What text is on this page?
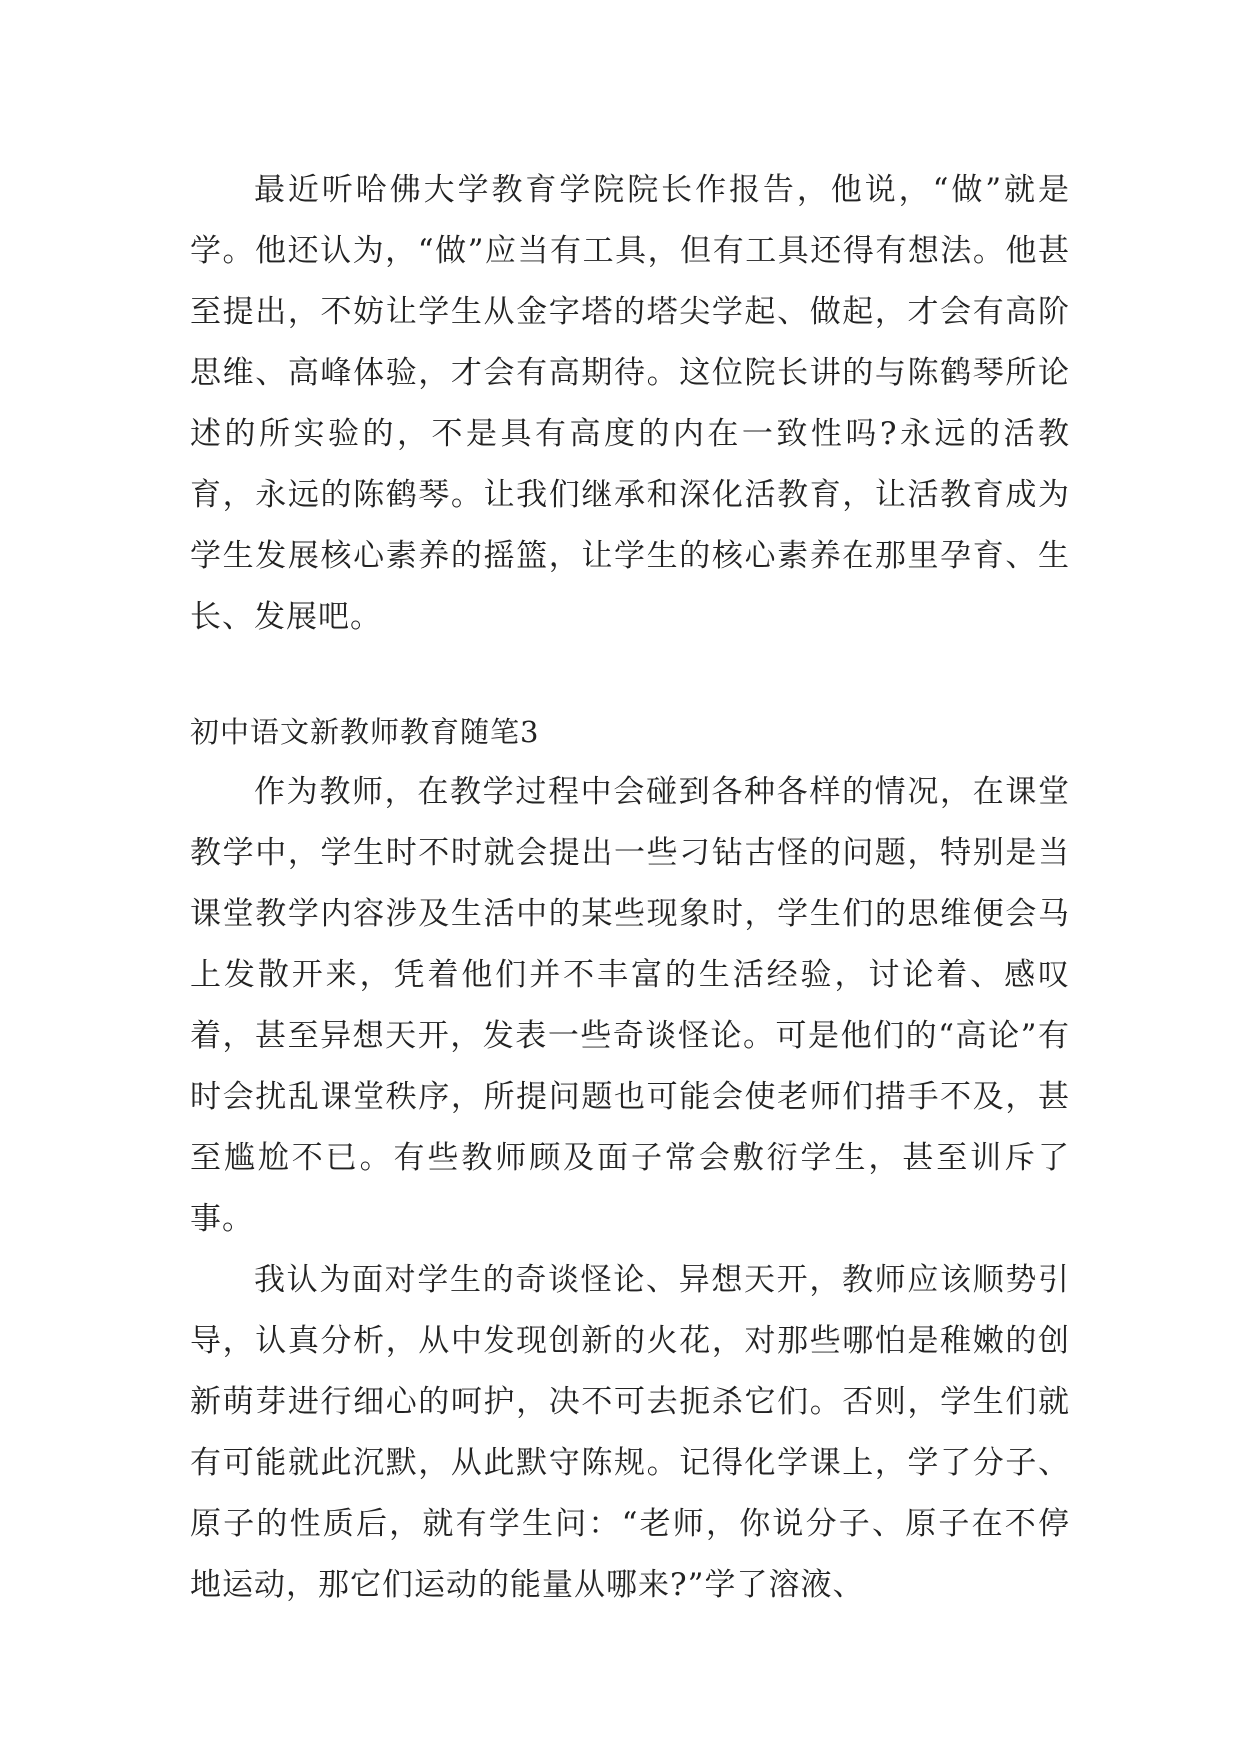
最近听哈佛大学教育学院院长作报告，他说，“做”就是学。他还认为，“做”应当有工具，但有工具还得有想法。他甚至提出，不妨让学生从金字塔的塔尖学起、做起，才会有高阶思维、高峰体验，才会有高期待。这位院长讲的与陈鹤琴所论述的所实验的，不是具有高度的内在一致性吗?永远的活教育，永远的陈鹤琴。让我们继承和深化活教育，让活教育成为学生发展核心素养的摇篮，让学生的核心素养在那里孕育、生长、发展吧。

初中语文新教师教育随笔3

作为教师，在教学过程中会碰到各种各样的情况，在课堂教学中，学生时不时就会提出一些刁钻古怪的问题，特别是当课堂教学内容涉及生活中的某些现象时，学生们的思维便会马上发散开来，凭着他们并不丰富的生活经验，讨论着、感叹着，甚至异想天开，发表一些奇谈怪论。可是他们的“高论”有时会扰乱课堂秩序，所提问题也可能会使老师们措手不及，甚至尴尬不已。有些教师顾及面子常会敷衍学生，甚至训斥了事。

我认为面对学生的奇谈怪论、异想天开，教师应该顺势引导，认真分析，从中发现创新的火花，对那些哪怕是稚嫩的创新萌芽进行细心的呵护，决不可去扼杀它们。否则，学生们就有可能就此沉默，从此默守陈规。记得化学课上，学了分子、原子的性质后，就有学生问：“老师，你说分子、原子在不停地运动，那它们运动的能量从哪来?”学了溶液、
